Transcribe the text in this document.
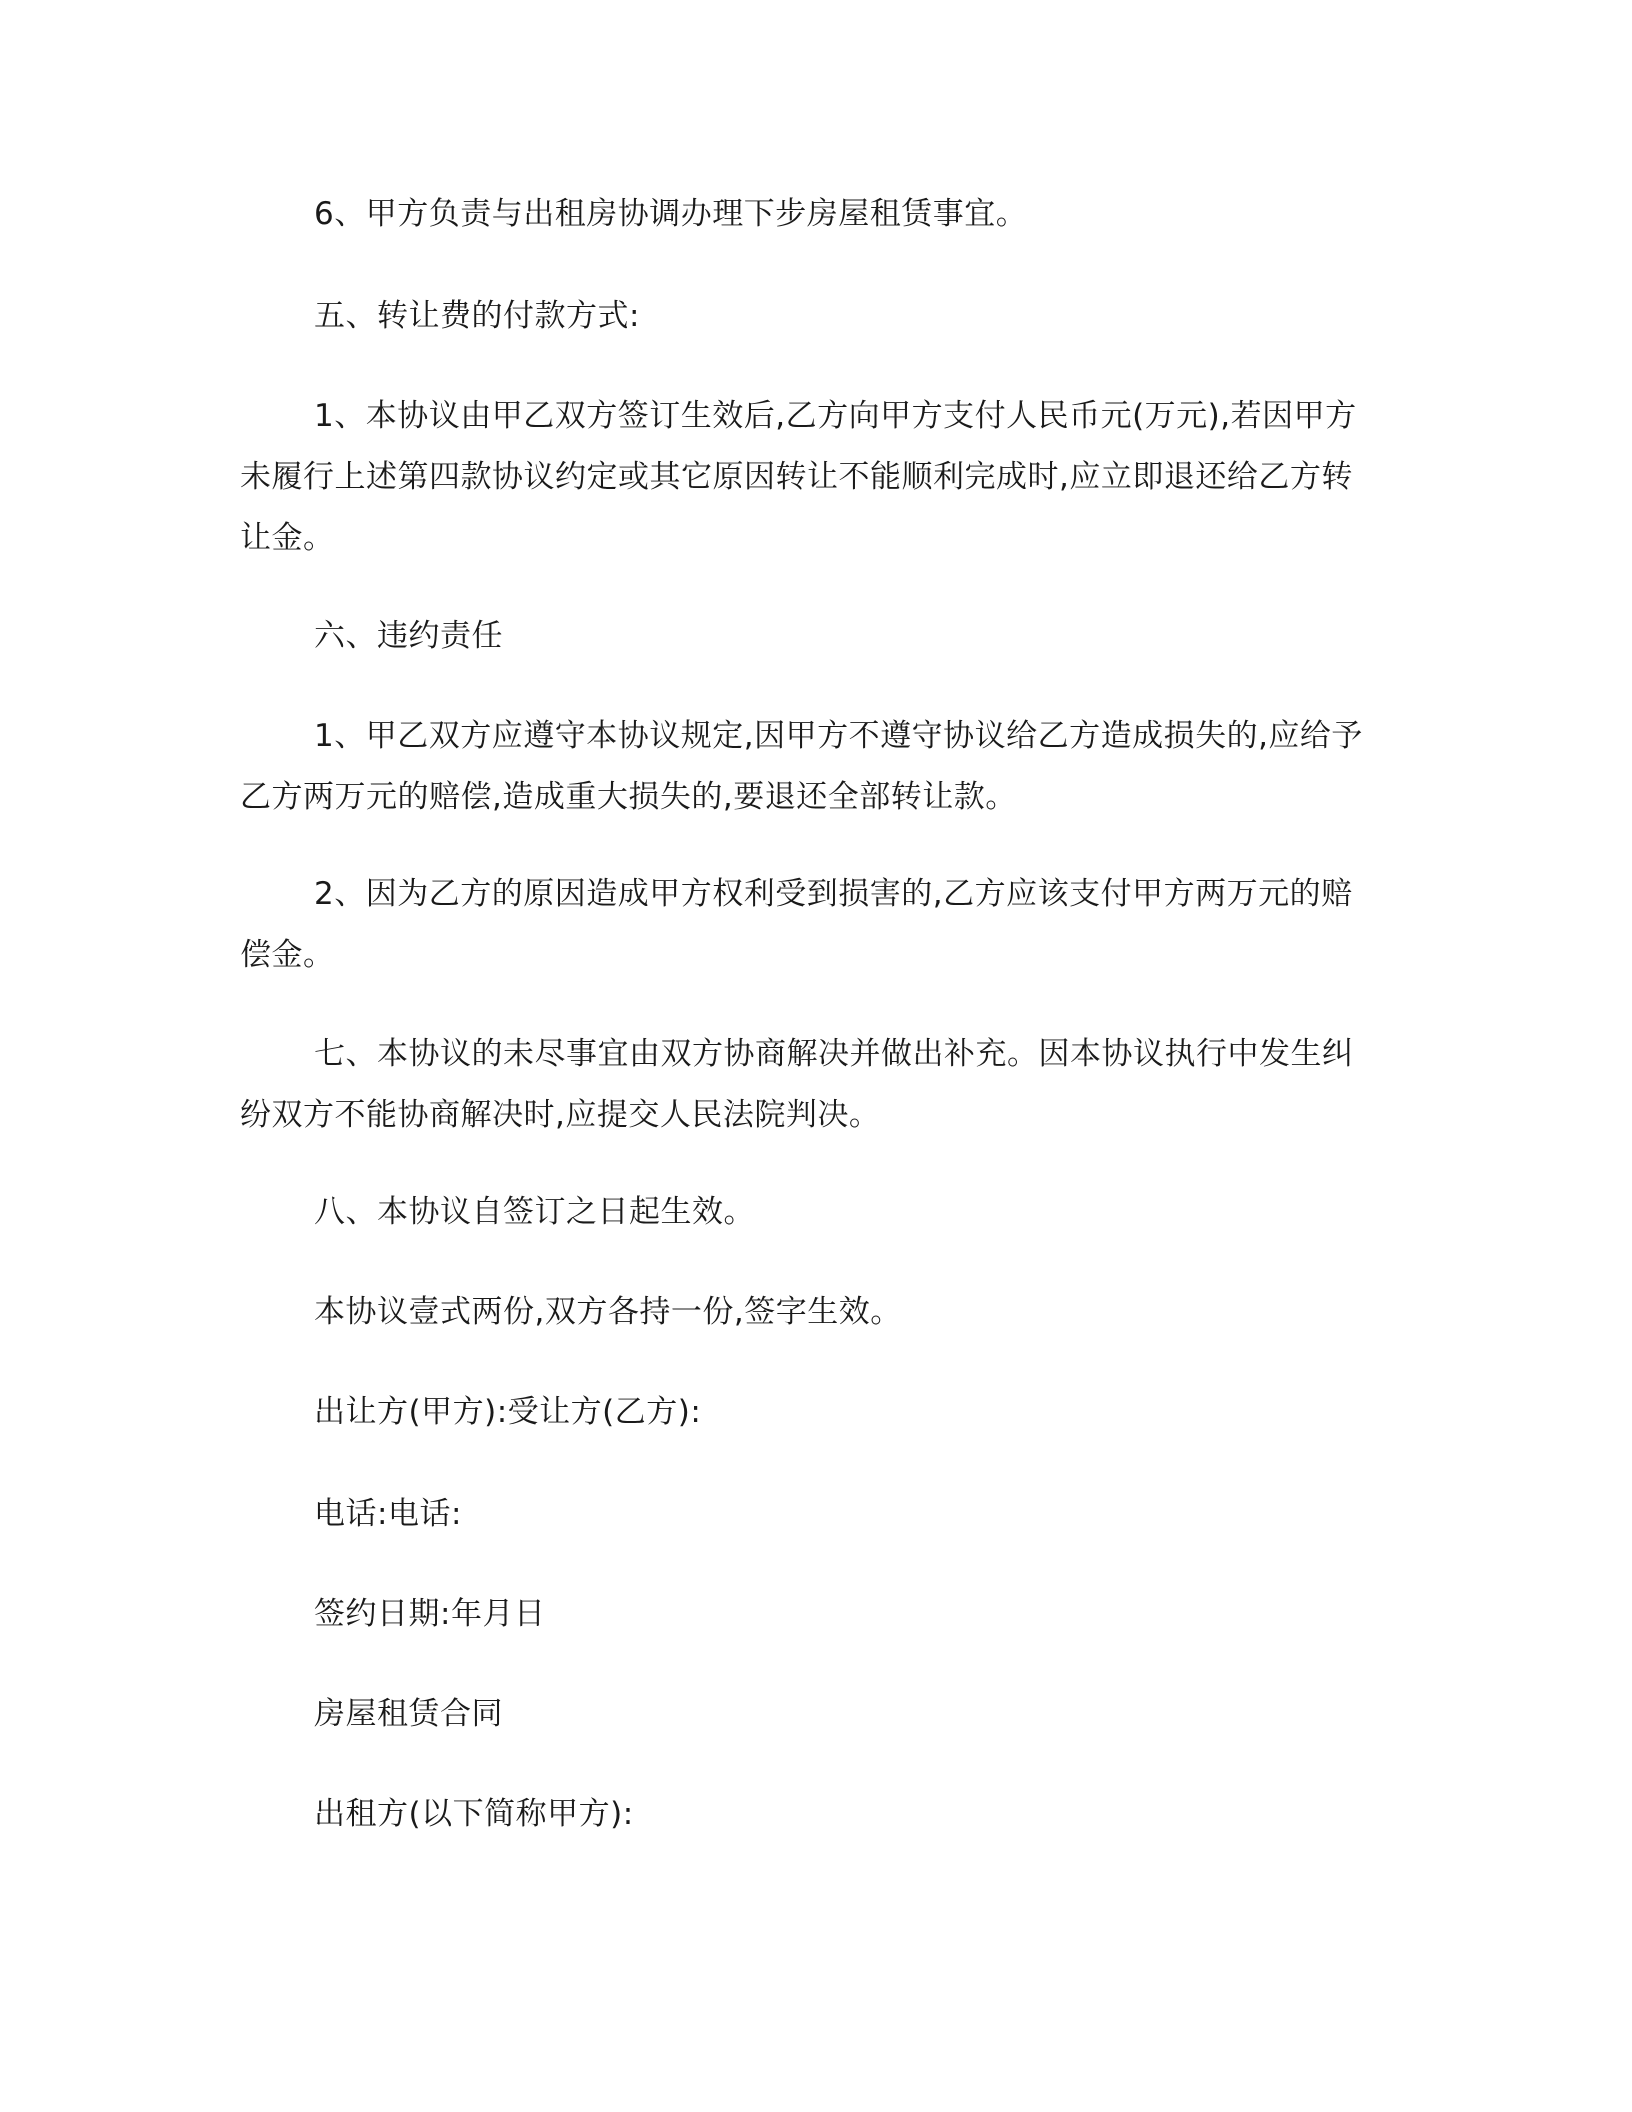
6、甲方负责与出租房协调办理下步房屋租赁事宜。

五、转让费的付款方式:

1、本协议由甲乙双方签订生效后,乙方向甲方支付人民币元(万元),若因甲方未履行上述第四款协议约定或其它原因转让不能顺利完成时,应立即退还给乙方转让金。

六、违约责任

1、甲乙双方应遵守本协议规定,因甲方不遵守协议给乙方造成损失的,应给予乙方两万元的赔偿,造成重大损失的,要退还全部转让款。

2、因为乙方的原因造成甲方权利受到损害的,乙方应该支付甲方两万元的赔偿金。

七、本协议的未尽事宜由双方协商解决并做出补充。因本协议执行中发生纠纷双方不能协商解决时,应提交人民法院判决。

八、本协议自签订之日起生效。

本协议壹式两份,双方各持一份,签字生效。

出让方(甲方):受让方(乙方):

电话:电话:

签约日期:年月日

房屋租赁合同

出租方(以下简称甲方):
